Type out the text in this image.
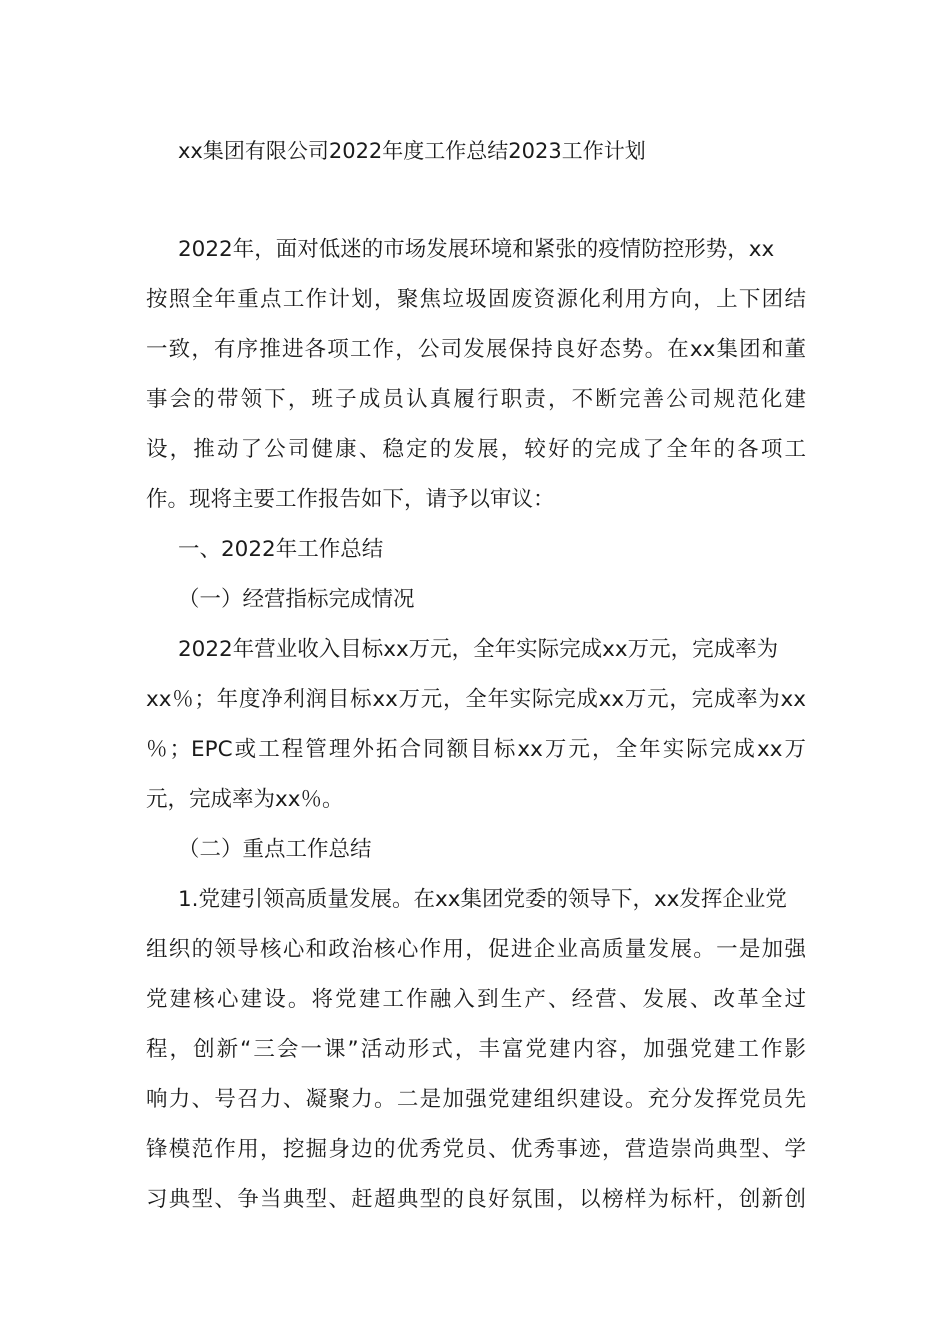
xx集团有限公司2022年度工作总结2023工作计划
2022年，面对低迷的市场发展环境和紧张的疫情防控形势，xx
按照全年重点工作计划，聚焦垃圾固废资源化利用方向，上下团结
一致，有序推进各项工作，公司发展保持良好态势。在xx集团和董
事会的带领下，班子成员认真履行职责，不断完善公司规范化建
设，推动了公司健康、稳定的发展，较好的完成了全年的各项工
作。现将主要工作报告如下，请予以审议：
一、2022年工作总结
（一）经营指标完成情况
2022年营业收入目标xx万元，全年实际完成xx万元，完成率为
xx％；年度净利润目标xx万元，全年实际完成xx万元，完成率为xx
％；EPC或工程管理外拓合同额目标xx万元，全年实际完成xx万
元，完成率为xx％。
（二）重点工作总结
1.党建引领高质量发展。在xx集团党委的领导下，xx发挥企业党
组织的领导核心和政治核心作用，促进企业高质量发展。一是加强
党建核心建设。将党建工作融入到生产、经营、发展、改革全过
程，创新“三会一课”活动形式，丰富党建内容，加强党建工作影
响力、号召力、凝聚力。二是加强党建组织建设。充分发挥党员先
锋模范作用，挖掘身边的优秀党员、优秀事迹，营造崇尚典型、学
习典型、争当典型、赶超典型的良好氛围，以榜样为标杆，创新创
